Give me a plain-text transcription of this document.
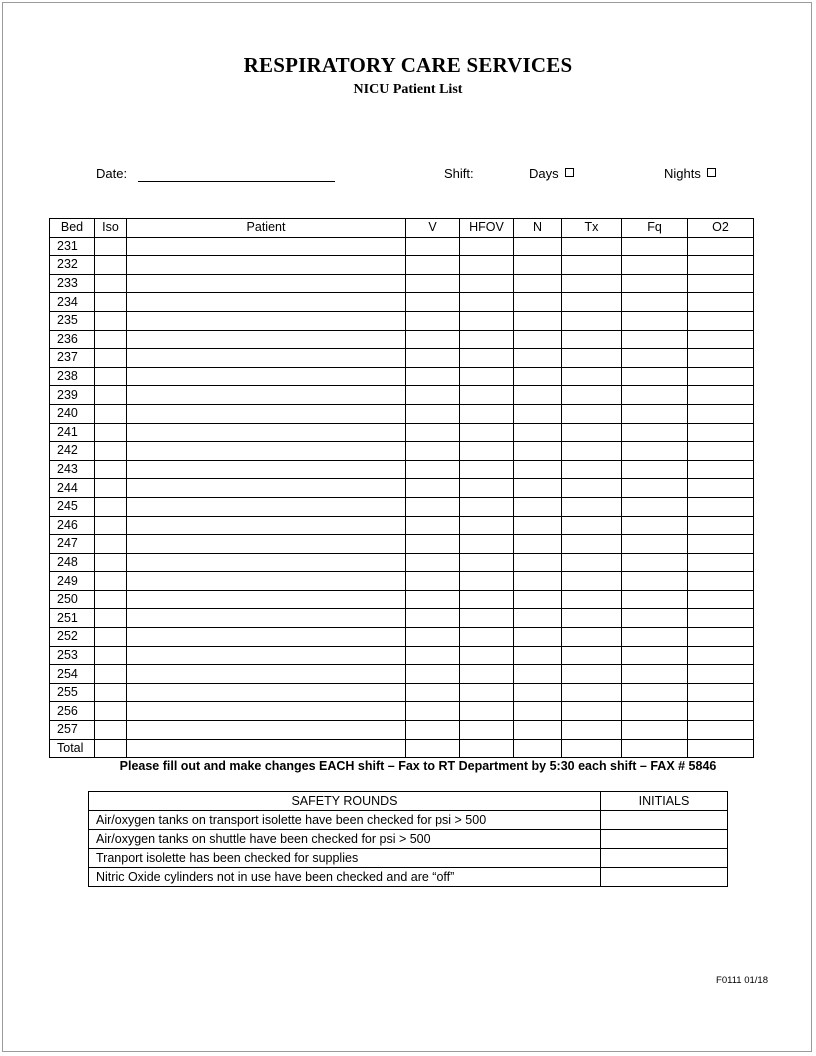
RESPIRATORY CARE SERVICES
NICU Patient List
Date:	Shift:	Days	Nights
Bed	Iso	Patient	V	HFOV	N	Tx	Fq	O2
231								
232								
233								
234								
235								
236								
237								
238								
239								
240								
241								
242								
243								
244								
245								
246								
247								
248								
249								
250								
251								
252								
253								
254								
255								
256								
257								
Total								
Please fill out and make changes EACH shift – Fax to RT Department by 5:30 each shift – FAX # 5846
SAFETY ROUNDS	INITIALS
Air/oxygen tanks on transport isolette have been checked for psi > 500	
Air/oxygen tanks on shuttle have been checked for psi > 500	
Tranport isolette has been checked for supplies	
Nitric Oxide cylinders not in use have been checked and are “off”	
F0111 01/18
